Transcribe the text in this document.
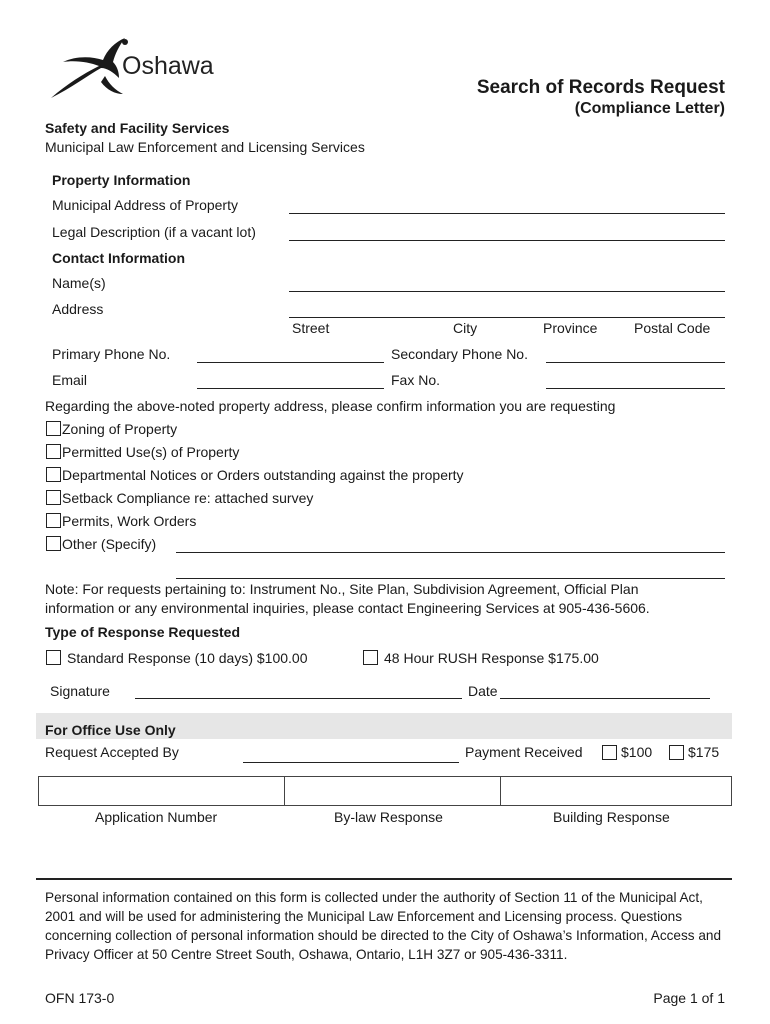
Oshawa
Search of Records Request
(Compliance Letter)
Safety and Facility Services
Municipal Law Enforcement and Licensing Services
Property Information
Municipal Address of Property
Legal Description (if a vacant lot)
Contact Information
Name(s)
Address
Street	City	Province	Postal Code
Primary Phone No.	Secondary Phone No.
Email	Fax No.
Regarding the above-noted property address, please confirm information you are requesting
Zoning of Property
Permitted Use(s) of Property
Departmental Notices or Orders outstanding against the property
Setback Compliance re: attached survey
Permits, Work Orders
Other (Specify)
Note: For requests pertaining to: Instrument No., Site Plan, Subdivision Agreement, Official Plan
information or any environmental inquiries, please contact Engineering Services at 905-436-5606.
Type of Response Requested
Standard Response (10 days) $100.00	48 Hour RUSH Response $175.00
Signature	Date
For Office Use Only
Request Accepted By	Payment Received	$100	$175
Application Number	By-law Response	Building Response
Personal information contained on this form is collected under the authority of Section 11 of the Municipal Act, 2001 and will be used for administering the Municipal Law Enforcement and Licensing process. Questions concerning collection of personal information should be directed to the City of Oshawa’s Information, Access and Privacy Officer at 50 Centre Street South, Oshawa, Ontario, L1H 3Z7 or 905-436-3311.
OFN 173-0	Page 1 of 1
